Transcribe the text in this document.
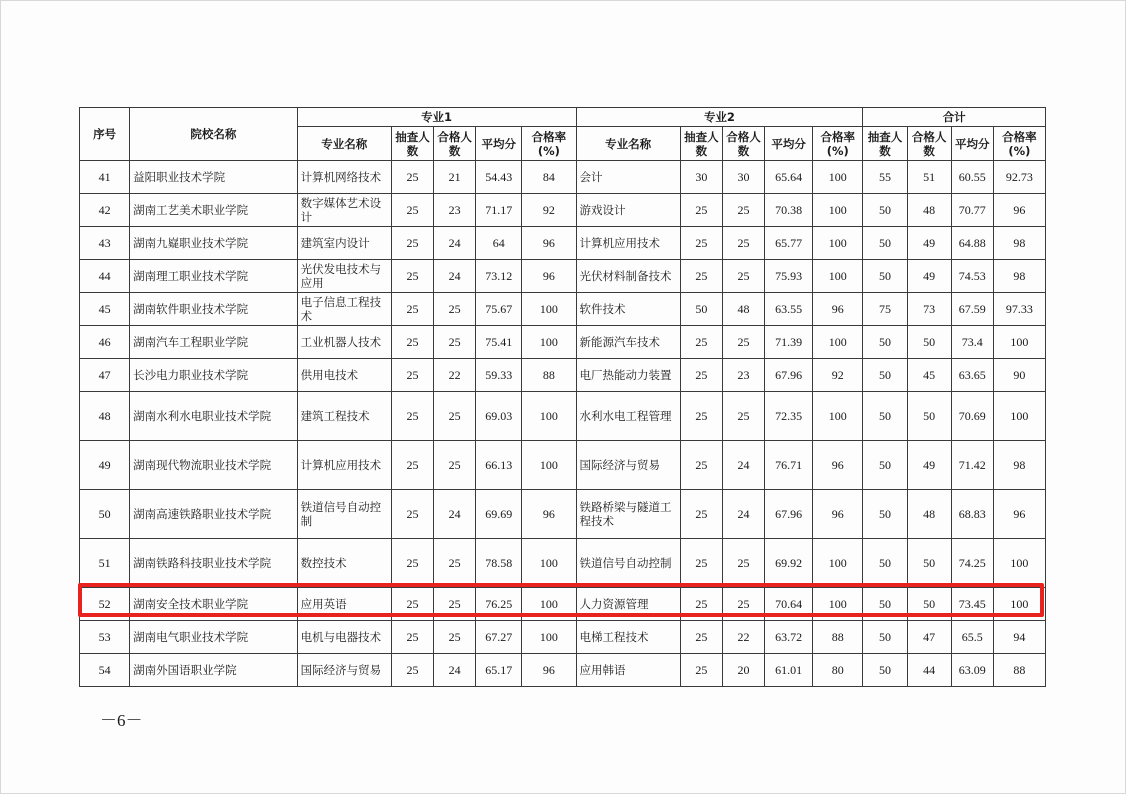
序号	院校名称	专业1					专业2					合计			
		专业名称	抽查人数	合格人数	平均分	合格率(%)	专业名称	抽查人数	合格人数	平均分	合格率(%)	抽查人数	合格人数	平均分	合格率(%)
41	益阳职业技术学院	计算机网络技术	25	21	54.43	84	会计	30	30	65.64	100	55	51	60.55	92.73
42	湖南工艺美术职业学院	数字媒体艺术设计	25	23	71.17	92	游戏设计	25	25	70.38	100	50	48	70.77	96
43	湖南九嶷职业技术学院	建筑室内设计	25	24	64	96	计算机应用技术	25	25	65.77	100	50	49	64.88	98
44	湖南理工职业技术学院	光伏发电技术与应用	25	24	73.12	96	光伏材料制备技术	25	25	75.93	100	50	49	74.53	98
45	湖南软件职业技术学院	电子信息工程技术	25	25	75.67	100	软件技术	50	48	63.55	96	75	73	67.59	97.33
46	湖南汽车工程职业学院	工业机器人技术	25	25	75.41	100	新能源汽车技术	25	25	71.39	100	50	50	73.4	100
47	长沙电力职业技术学院	供用电技术	25	22	59.33	88	电厂热能动力装置	25	23	67.96	92	50	45	63.65	90
48	湖南水利水电职业技术学院	建筑工程技术	25	25	69.03	100	水利水电工程管理	25	25	72.35	100	50	50	70.69	100
49	湖南现代物流职业技术学院	计算机应用技术	25	25	66.13	100	国际经济与贸易	25	24	76.71	96	50	49	71.42	98
50	湖南高速铁路职业技术学院	铁道信号自动控制	25	24	69.69	96	铁路桥梁与隧道工程技术	25	24	67.96	96	50	48	68.83	96
51	湖南铁路科技职业技术学院	数控技术	25	25	78.58	100	铁道信号自动控制	25	25	69.92	100	50	50	74.25	100
52	湖南安全技术职业学院	应用英语	25	25	76.25	100	人力资源管理	25	25	70.64	100	50	50	73.45	100
53	湖南电气职业技术学院	电机与电器技术	25	25	67.27	100	电梯工程技术	25	22	63.72	88	50	47	65.5	94
54	湖南外国语职业学院	国际经济与贸易	25	24	65.17	96	应用韩语	25	20	61.01	80	50	44	63.09	88
－6－
